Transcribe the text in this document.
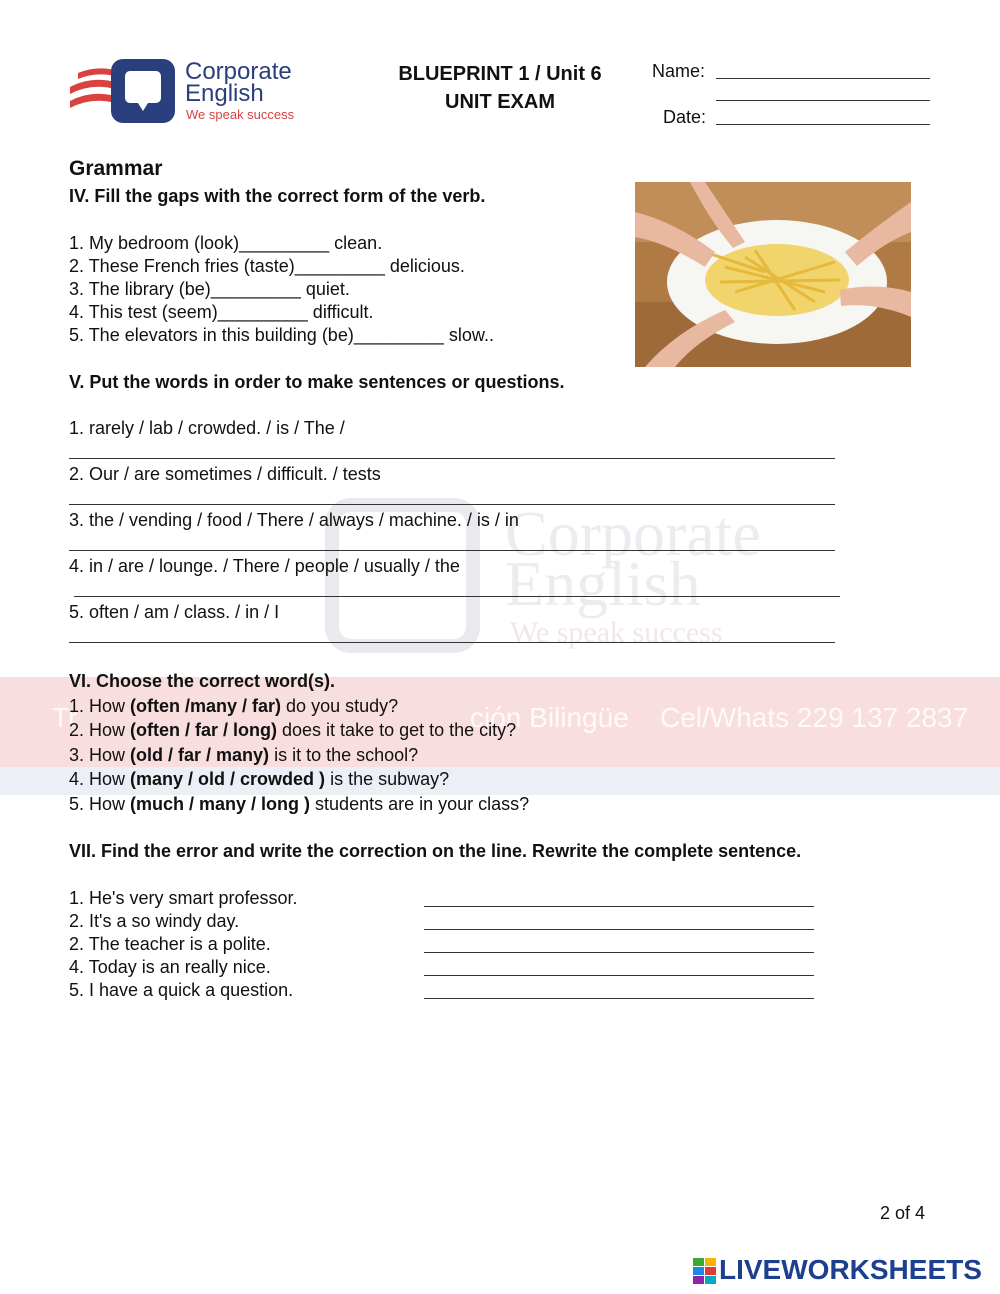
Corporate
English
We speak success
Tr	ción Bilingüe Cel/Whats 229 137 2837
Corporate
English
We speak success
BLUEPRINT 1 / Unit 6
UNIT EXAM
Name:
Date:
Grammar
IV. Fill the gaps with the correct form of the verb.
1. My bedroom (look)_________ clean.
2. These French fries (taste)_________ delicious.
3. The library (be)_________ quiet.
4. This test (seem)_________ difficult.
5. The elevators in this building (be)_________ slow..
V. Put the words in order to make sentences or questions.
1. rarely / lab / crowded. / is / The /
2. Our / are sometimes / difficult. / tests
3. the / vending / food / There / always / machine. / is / in
4. in / are / lounge. / There / people / usually / the
5. often / am / class. / in / I
VI. Choose the correct word(s).
1. How (often /many / far) do you study?
2. How (often / far / long) does it take to get to the city?
3. How (old / far / many) is it to the school?
4. How (many / old / crowded ) is the subway?
5. How (much / many / long ) students are in your class?
VII. Find the error and write the correction on the line. Rewrite the complete sentence.
1. He's very smart professor.
2. It's a so windy day.
2. The teacher is a polite.
4. Today is an really nice.
5. I have a quick a question.
2 of 4
LIVEWORKSHEETS
